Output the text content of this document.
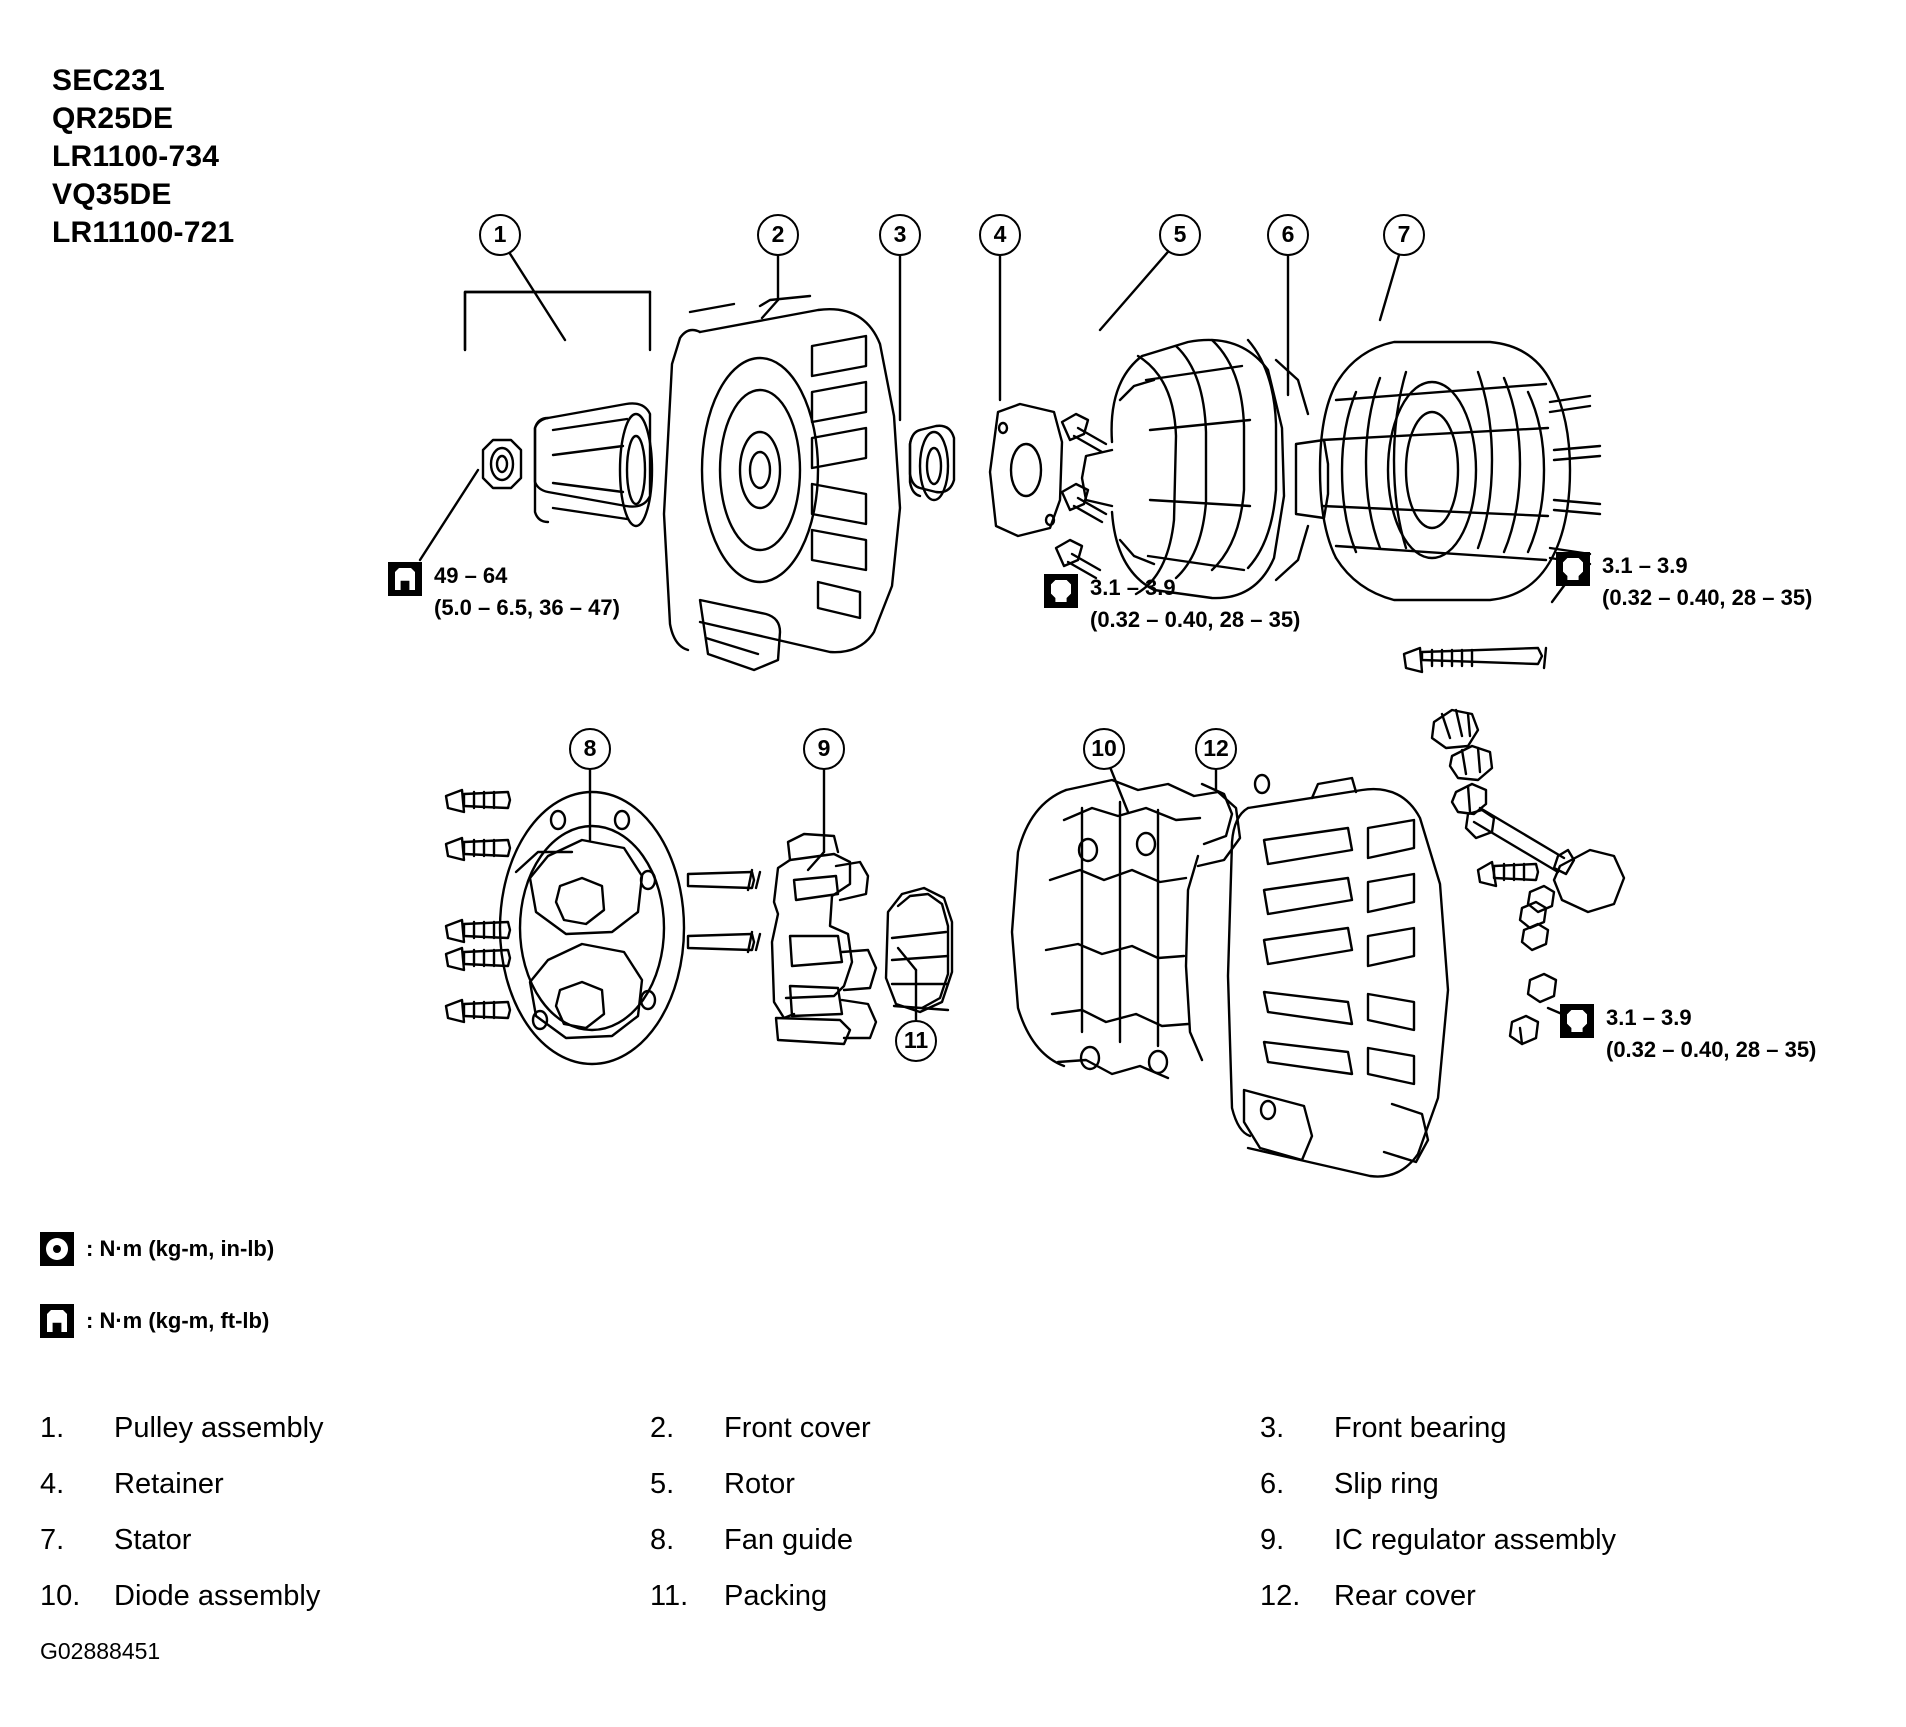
SEC231
QR25DE
LR1100-734
VQ35DE
LR11100-721	1	2	3	4	5	6	7
8	9	10	12
11
49 – 64
(5.0 – 6.5, 36 – 47)
3.1 – 3.9
(0.32 – 0.40, 28 – 35)
3.1 – 3.9
(0.32 – 0.40, 28 – 35)
3.1 – 3.9
(0.32 – 0.40, 28 – 35)
: N·m (kg-m, in-lb)
: N·m (kg-m, ft-lb)
1.	Pulley assembly	2.	Front cover	3.	Front bearing
4.	Retainer	5.	Rotor	6.	Slip ring
7.	Stator	8.	Fan guide	9.	IC regulator assembly
10.	Diode assembly	11.	Packing	12.	Rear cover
G02888451
